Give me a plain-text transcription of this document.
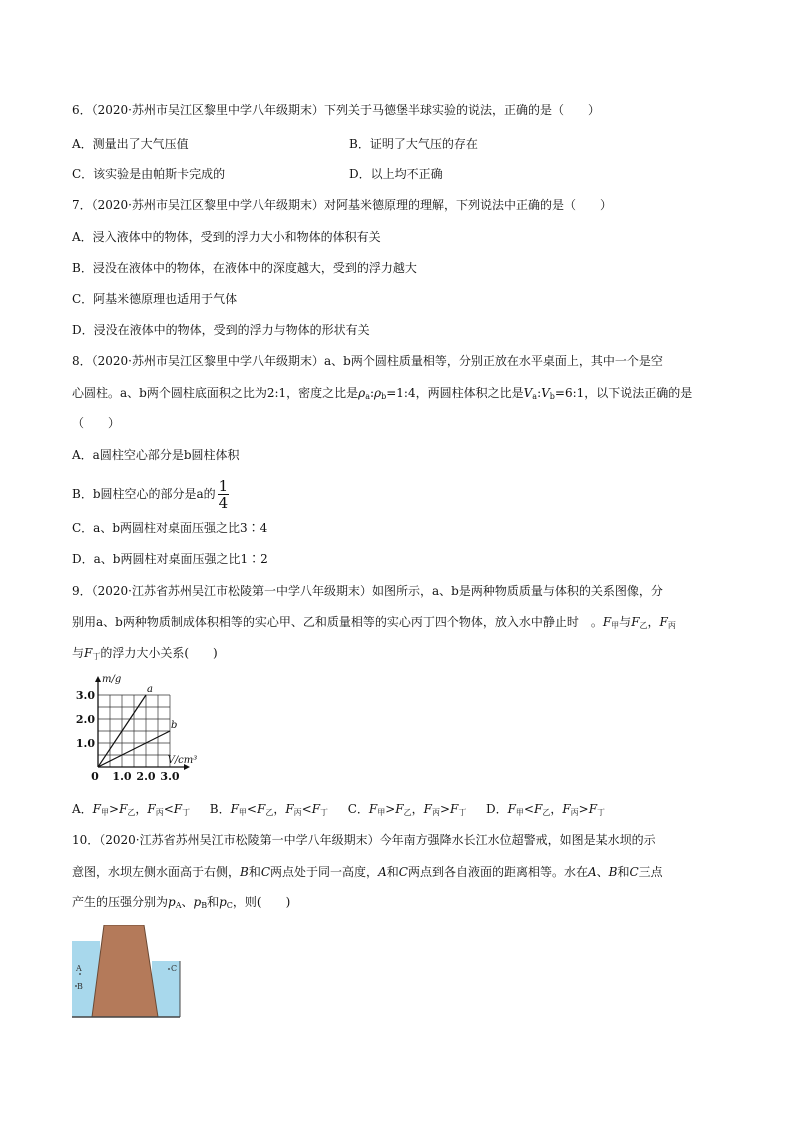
6．（2020·苏州市吴江区黎里中学八年级期末）下列关于马德堡半球实验的说法，正确的是（　　）
A．测量出了大气压值	B．证明了大气压的存在
C．该实验是由帕斯卡完成的	D．以上均不正确
7．（2020·苏州市吴江区黎里中学八年级期末）对阿基米德原理的理解，下列说法中正确的是（　　）
A．浸入液体中的物体，受到的浮力大小和物体的体积有关
B．浸没在液体中的物体，在液体中的深度越大，受到的浮力越大
C．阿基米德原理也适用于气体
D．浸没在液体中的物体，受到的浮力与物体的形状有关
8．（2020·苏州市吴江区黎里中学八年级期末）a、b两个圆柱质量相等，分别正放在水平桌面上，其中一个是空
心圆柱。a、b两个圆柱底面积之比为2:1，密度之比是$\rho_a:\rho_b=1:4$，两圆柱体积之比是$V_a:V_b=6:1$，以下说法正确的是
（　　）
A．a圆柱空心部分是b圆柱体积
B．b圆柱空心的部分是a的 $\frac{1}{4}$
C．a、b两圆柱对桌面压强之比3∶4
D．a、b两圆柱对桌面压强之比1∶2
9．（2020·江苏省苏州吴江市松陵第一中学八年级期末）如图所示，a、b是两种物质质量与体积的关系图像，分
别用a、b两种物质制成体积相等的实心甲、乙和质量相等的实心丙丁四个物体，放入水中静止时　。$F_甲$与$F_乙$，$F_丙$
与$F_丁$的浮力大小关系(　　)
a
b
0 1.0 2.0 3.0
1.0
2.0
3.0
m/g
V/cm³
A．$F_甲>F_乙$，$F_丙<F_丁$　 B．$F_甲<F_乙$，$F_丙<F_丁$　 C．$F_甲>F_乙$，$F_丙>F_丁$　 D．$F_甲<F_乙$，$F_丙>F_丁$
10．（2020·江苏省苏州吴江市松陵第一中学八年级期末）今年南方强降水长江水位超警戒，如图是某水坝的示
意图，水坝左侧水面高于右侧，B和C两点处于同一高度，A和C两点到各自液面的距离相等。水在A、B和C三点
产生的压强分别为$p_A$、$p_B$和$p_C$，则(　　)
A
B
C
